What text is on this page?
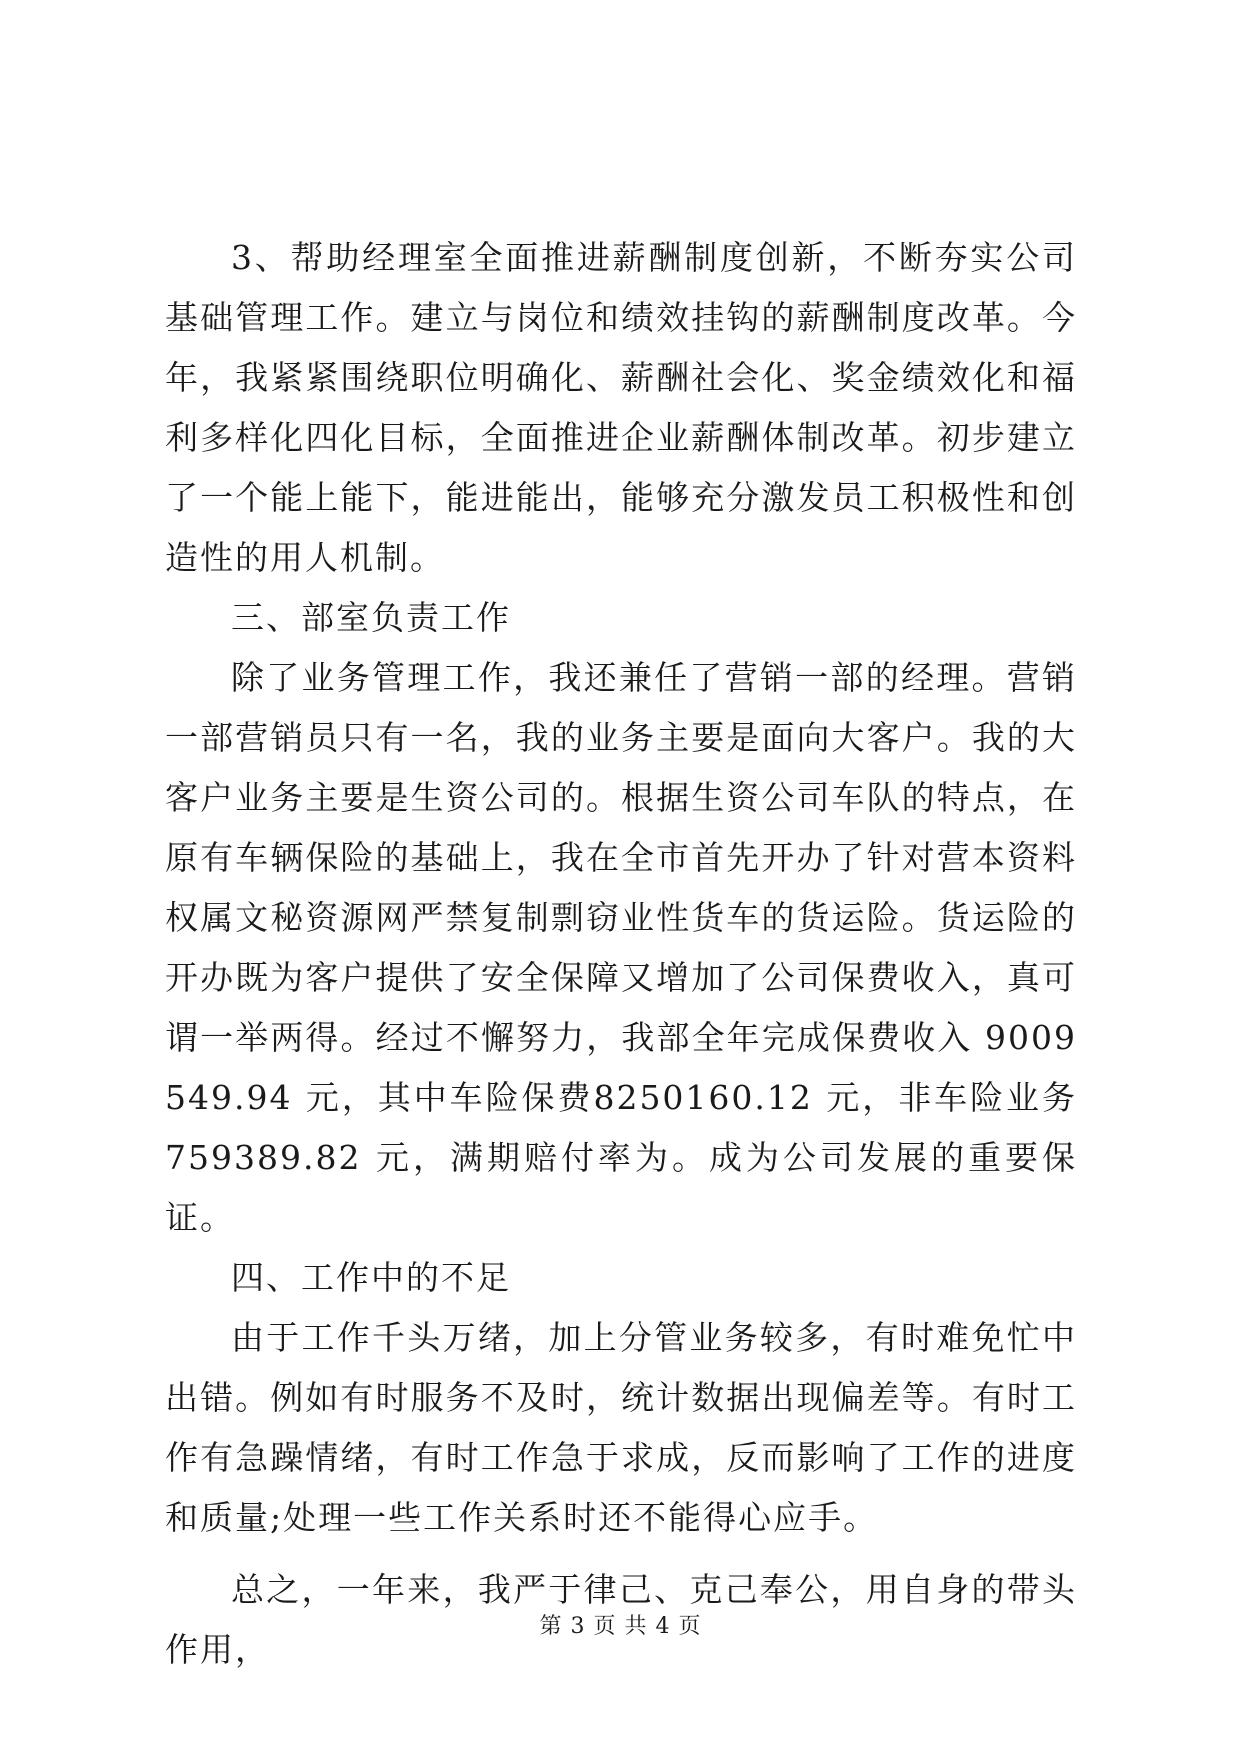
3、帮助经理室全面推进薪酬制度创新，不断夯实公司基础管理工作。建立与岗位和绩效挂钩的薪酬制度改革。今年，我紧紧围绕职位明确化、薪酬社会化、奖金绩效化和福利多样化四化目标，全面推进企业薪酬体制改革。初步建立了一个能上能下，能进能出，能够充分激发员工积极性和创造性的用人机制。

三、部室负责工作

除了业务管理工作，我还兼任了营销一部的经理。营销一部营销员只有一名，我的业务主要是面向大客户。我的大客户业务主要是生资公司的。根据生资公司车队的特点，在原有车辆保险的基础上，我在全市首先开办了针对营本资料权属文秘资源网严禁复制剽窃业性货车的货运险。货运险的开办既为客户提供了安全保障又增加了公司保费收入，真可谓一举两得。经过不懈努力，我部全年完成保费收入 9009549.94 元，其中车险保费8250160.12 元，非车险业务 759389.82 元，满期赔付率为。成为公司发展的重要保证。

四、工作中的不足

由于工作千头万绪，加上分管业务较多，有时难免忙中出错。例如有时服务不及时，统计数据出现偏差等。有时工作有急躁情绪，有时工作急于求成，反而影响了工作的进度和质量;处理一些工作关系时还不能得心应手。

总之，一年来，我严于律己、克己奉公，用自身的带头作用，

第 3 页 共 4 页
